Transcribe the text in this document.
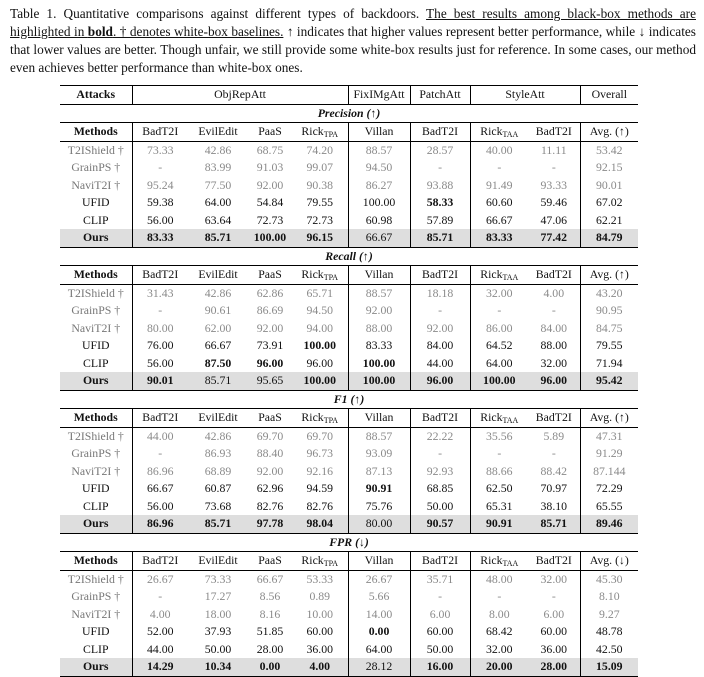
Table 1. Quantitative comparisons against different types of backdoors. The best results among black-box methods are highlighted in bold. † denotes white-box baselines. ↑ indicates that higher values represent better performance, while ↓ indicates that lower values are better. Though unfair, we still provide some white-box results just for reference. In some cases, our method even achieves better performance than white-box ones.
Attacks	ObjRepAtt				FixIMgAtt	PatchAtt	StyleAtt		Overall
Precision (↑)									
Methods	BadT2I	EvilEdit	PaaS	Rick$_{TPA}$	Villan	BadT2I	Rick$_{TAA}$	BadT2I	Avg. (↑)
T2IShield †	73.33	42.86	68.75	74.20	88.57	28.57	40.00	11.11	53.42
GrainPS †	-	83.99	91.03	99.07	94.50	-	-	-	92.15
NaviT2I †	95.24	77.50	92.00	90.38	86.27	93.88	91.49	93.33	90.01
UFID	59.38	64.00	54.84	79.55	100.00	58.33	60.60	59.46	67.02
CLIP	56.00	63.64	72.73	72.73	60.98	57.89	66.67	47.06	62.21
Ours	83.33	85.71	100.00	96.15	66.67	85.71	83.33	77.42	84.79
Recall (↑)									
Methods	BadT2I	EvilEdit	PaaS	Rick$_{TPA}$	Villan	BadT2I	Rick$_{TAA}$	BadT2I	Avg. (↑)
T2IShield †	31.43	42.86	62.86	65.71	88.57	18.18	32.00	4.00	43.20
GrainPS †	-	90.61	86.69	94.50	92.00	-	-	-	90.95
NaviT2I †	80.00	62.00	92.00	94.00	88.00	92.00	86.00	84.00	84.75
UFID	76.00	66.67	73.91	100.00	83.33	84.00	64.52	88.00	79.55
CLIP	56.00	87.50	96.00	96.00	100.00	44.00	64.00	32.00	71.94
Ours	90.01	85.71	95.65	100.00	100.00	96.00	100.00	96.00	95.42
F1 (↑)									
Methods	BadT2I	EvilEdit	PaaS	Rick$_{TPA}$	Villan	BadT2I	Rick$_{TAA}$	BadT2I	Avg. (↑)
T2IShield †	44.00	42.86	69.70	69.70	88.57	22.22	35.56	5.89	47.31
GrainPS †	-	86.93	88.40	96.73	93.09	-	-	-	91.29
NaviT2I †	86.96	68.89	92.00	92.16	87.13	92.93	88.66	88.42	87.144
UFID	66.67	60.87	62.96	94.59	90.91	68.85	62.50	70.97	72.29
CLIP	56.00	73.68	82.76	82.76	75.76	50.00	65.31	38.10	65.55
Ours	86.96	85.71	97.78	98.04	80.00	90.57	90.91	85.71	89.46
FPR (↓)									
Methods	BadT2I	EvilEdit	PaaS	Rick$_{TPA}$	Villan	BadT2I	Rick$_{TAA}$	BadT2I	Avg. (↓)
T2IShield †	26.67	73.33	66.67	53.33	26.67	35.71	48.00	32.00	45.30
GrainPS †	-	17.27	8.56	0.89	5.66	-	-	-	8.10
NaviT2I †	4.00	18.00	8.16	10.00	14.00	6.00	8.00	6.00	9.27
UFID	52.00	37.93	51.85	60.00	0.00	60.00	68.42	60.00	48.78
CLIP	44.00	50.00	28.00	36.00	64.00	50.00	32.00	36.00	42.50
Ours	14.29	10.34	0.00	4.00	28.12	16.00	20.00	28.00	15.09
